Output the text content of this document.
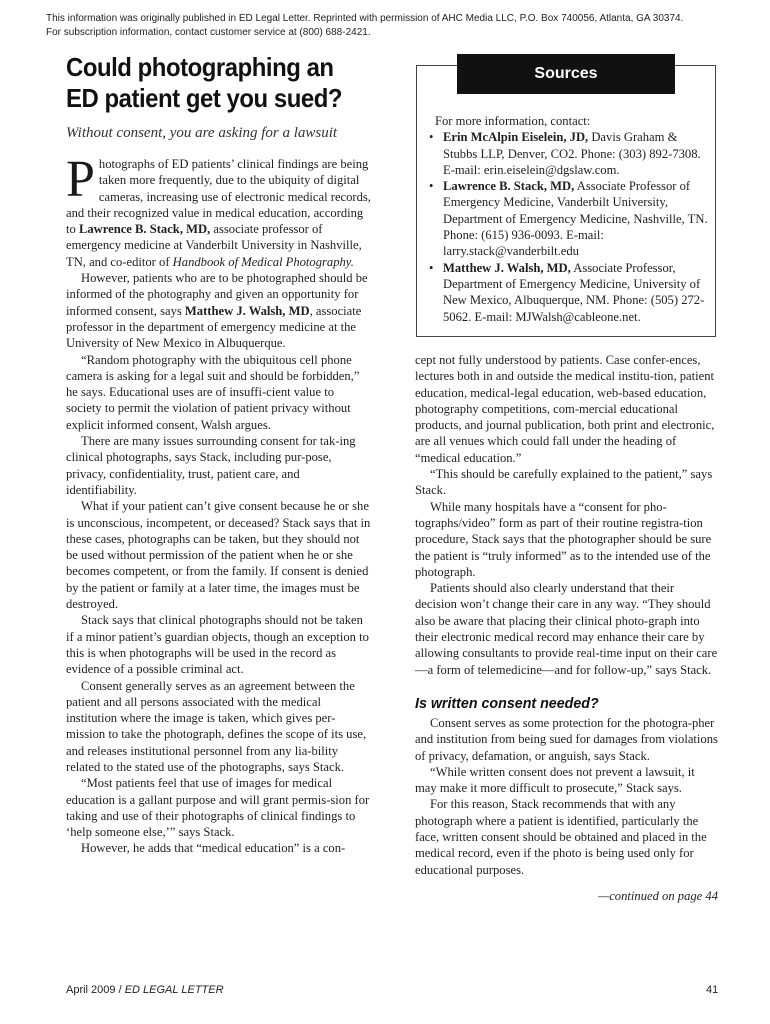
This information was originally published in ED Legal Letter. Reprinted with permission of AHC Media LLC, P.O. Box 740056, Atlanta, GA 30374.
For subscription information, contact customer service at (800) 688-2421.
Could photographing an
ED patient get you sued?
Without consent, you are asking for a lawsuit

Photographs of ED patients’ clinical findings are being taken more frequently, due to the ubiquity of digital cameras, increasing use of electronic medical records, and their recognized value in medical education, according to Lawrence B. Stack, MD, associate professor of emergency medicine at Vanderbilt University in Nashville, TN, and co-editor of Handbook of Medical Photography.

However, patients who are to be photographed should be informed of the photography and given an opportunity for informed consent, says Matthew J. Walsh, MD, associate professor in the department of emergency medicine at the University of New Mexico in Albuquerque.

“Random photography with the ubiquitous cell phone camera is asking for a legal suit and should be forbidden,” he says. Educational uses are of insuffi-cient value to society to permit the violation of patient privacy without explicit informed consent, Walsh argues.

There are many issues surrounding consent for tak-ing clinical photographs, says Stack, including pur-pose, privacy, confidentiality, trust, patient care, and identifiability.

What if your patient can’t give consent because he or she is unconscious, incompetent, or deceased? Stack says that in these cases, photographs can be taken, but they should not be used without permission of the patient when he or she becomes competent, or from the family. If consent is denied by the patient or family at a later time, the images must be destroyed.

Stack says that clinical photographs should not be taken if a minor patient’s guardian objects, though an exception to this is when photographs will be used in the record as evidence of a possible criminal act.

Consent generally serves as an agreement between the patient and all persons associated with the medical institution where the image is taken, which gives per-mission to take the photograph, defines the scope of its use, and releases institutional personnel from any lia-bility related to the stated use of the photographs, says Stack.

“Most patients feel that use of images for medical education is a gallant purpose and will grant permis-sion for taking and use of their photographs of clinical findings to ‘help someone else,’” says Stack.

However, he adds that “medical education” is a con-

Sources

For more information, contact:

• Erin McAlpin Eiselein, JD, Davis Graham & Stubbs LLP, Denver, CO2. Phone: (303) 892-7308. E-mail: erin.eiselein@dgslaw.com.
• Lawrence B. Stack, MD, Associate Professor of Emergency Medicine, Vanderbilt University, Department of Emergency Medicine, Nashville, TN. Phone: (615) 936-0093. E-mail: larry.stack@vanderbilt.edu
• Matthew J. Walsh, MD, Associate Professor, Department of Emergency Medicine, University of New Mexico, Albuquerque, NM. Phone: (505) 272-5062. E-mail: MJWalsh@cableone.net.

cept not fully understood by patients. Case confer-ences, lectures both in and outside the medical institu-tion, patient education, medical-legal education, web-based education, photography competitions, com-mercial educational products, and journal publication, both print and electronic, are all venues which could fall under the heading of “medical education.”

“This should be carefully explained to the patient,” says Stack.

While many hospitals have a “consent for pho-tographs/video” form as part of their routine registra-tion procedure, Stack says that the photographer should be sure the patient is “truly informed” as to the intended use of the photograph.

Patients should also clearly understand that their decision won’t change their care in any way. “They should also be aware that placing their clinical photo-graph into their electronic medical record may enhance their care by allowing consultants to provide real-time input on their care—a form of telemedicine—and for follow-up,” says Stack.

Is written consent needed?

Consent serves as some protection for the photogra-pher and institution from being sued for damages from violations of privacy, defamation, or anguish, says Stack.

“While written consent does not prevent a lawsuit, it may make it more difficult to prosecute,” Stack says.

For this reason, Stack recommends that with any photograph where a patient is identified, particularly the face, written consent should be obtained and placed in the medical record, even if the photo is being used only for educational purposes.

—continued on page 44
April 2009 / ED LEGAL LETTER	41
